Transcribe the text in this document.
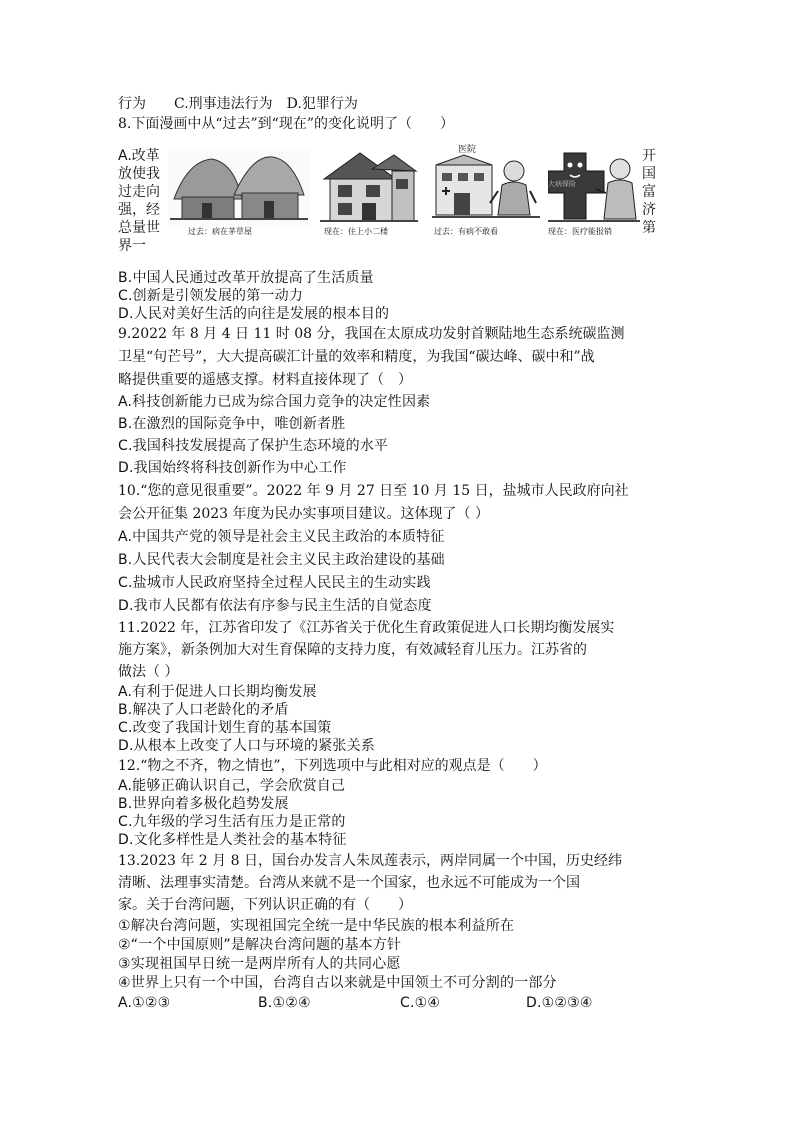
行为　　C.刑事违法行为　D.犯罪行为
8.下面漫画中从“过去”到“现在”的变化说明了（　　）
A.改革放使我过走向强，经总量世界一
过去：病在茅草屋	现在：住上小二楼
医院
过去：有病不敢看
大病保险
现在：医疗能报销
开国富济第
B.中国人民通过改革开放提高了生活质量
C.创新是引领发展的第一动力
D.人民对美好生活的向往是发展的根本目的
9.2022 年 8 月 4 日 11 时 08 分，我国在太原成功发射首颗陆地生态系统碳监测
卫星“句芒号”，大大提高碳汇计量的效率和精度，为我国“碳达峰、碳中和”战
略提供重要的遥感支撑。材料直接体现了（　）
A.科技创新能力已成为综合国力竞争的决定性因素
B.在激烈的国际竞争中，唯创新者胜
C.我国科技发展提高了保护生态环境的水平
D.我国始终将科技创新作为中心工作
10.“您的意见很重要”。2022 年 9 月 27 日至 10 月 15 日，盐城市人民政府向社
会公开征集 2023 年度为民办实事项目建议。这体现了（ ）
A.中国共产党的领导是社会主义民主政治的本质特征
B.人民代表大会制度是社会主义民主政治建设的基础
C.盐城市人民政府坚持全过程人民民主的生动实践
D.我市人民都有依法有序参与民主生活的自觉态度
11.2022 年，江苏省印发了《江苏省关于优化生育政策促进人口长期均衡发展实
施方案》，新条例加大对生育保障的支持力度，有效减轻育儿压力。江苏省的
做法（ ）
A.有利于促进人口长期均衡发展
B.解决了人口老龄化的矛盾
C.改变了我国计划生育的基本国策
D.从根本上改变了人口与环境的紧张关系
12.“物之不齐，物之情也”，下列选项中与此相对应的观点是（　　）
A.能够正确认识自己，学会欣赏自己
B.世界向着多极化趋势发展
C.九年级的学习生活有压力是正常的
D.文化多样性是人类社会的基本特征
13.2023 年 2 月 8 日，国台办发言人朱凤莲表示，两岸同属一个中国，历史经纬
清晰、法理事实清楚。台湾从来就不是一个国家，也永远不可能成为一个国
家。关于台湾问题，下列认识正确的有（　　）
①解决台湾问题，实现祖国完全统一是中华民族的根本利益所在
②“一个中国原则”是解决台湾问题的基本方针
③实现祖国早日统一是两岸所有人的共同心愿
④世界上只有一个中国，台湾自古以来就是中国领土不可分割的一部分
A.①②③	B.①②④	C.①④	D.①②③④
